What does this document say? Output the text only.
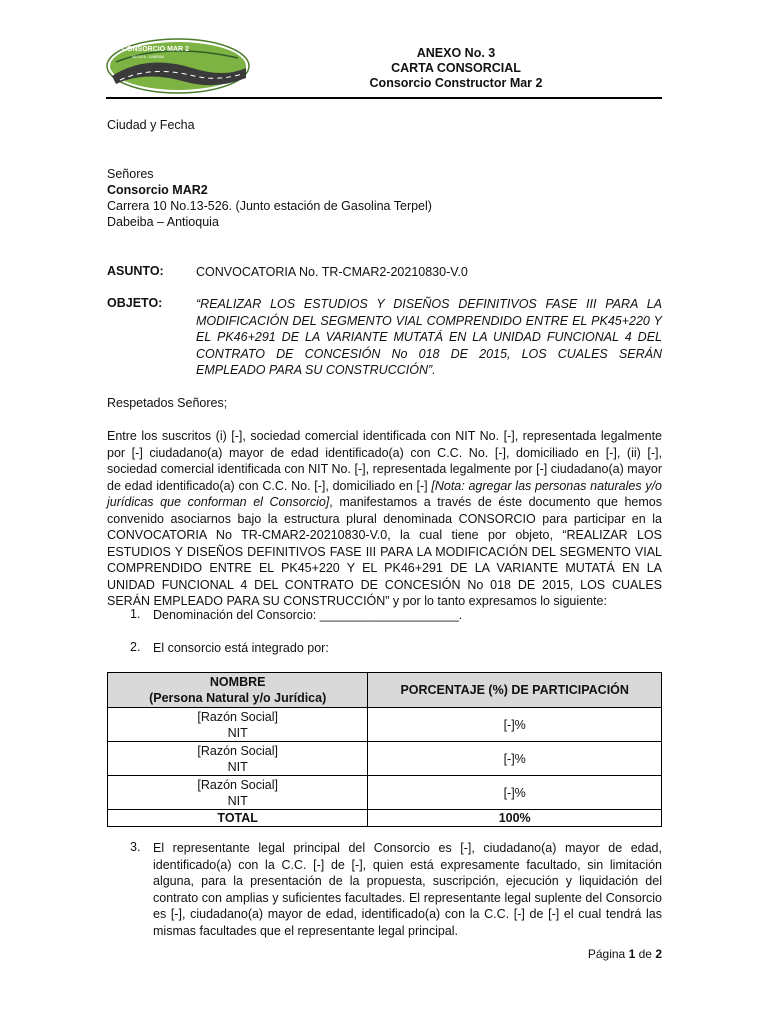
CONSORCIO MAR 2
MUTATÁ - DABEIBA	ANEXO No. 3
CARTA CONSORCIAL
Consorcio Constructor Mar 2
Ciudad y Fecha
Señores
Consorcio MAR2
Carrera 10 No.13-526. (Junto estación de Gasolina Terpel)
Dabeiba – Antioquia
ASUNTO:	CONVOCATORIA No. TR-CMAR2-20210830-V.0
OBJETO:	“REALIZAR LOS ESTUDIOS Y DISEÑOS DEFINITIVOS FASE III PARA LA MODIFICACIÓN DEL SEGMENTO VIAL COMPRENDIDO ENTRE EL PK45+220 Y EL PK46+291 DE LA VARIANTE MUTATÁ EN LA UNIDAD FUNCIONAL 4 DEL CONTRATO DE CONCESIÓN No 018 DE 2015, LOS CUALES SERÁN EMPLEADO PARA SU CONSTRUCCIÓN”.
Respetados Señores;
Entre los suscritos (i) [-], sociedad comercial identificada con NIT No. [-], representada legalmente por [-] ciudadano(a) mayor de edad identificado(a) con C.C. No. [-], domiciliado en [-], (ii) [-], sociedad comercial identificada con NIT No. [-], representada legalmente por [-] ciudadano(a) mayor de edad identificado(a) con C.C. No. [-], domiciliado en [-] [Nota: agregar las personas naturales y/o jurídicas que conforman el Consorcio], manifestamos a través de éste documento que hemos convenido asociarnos bajo la estructura plural denominada CONSORCIO para participar en la CONVOCATORIA No TR-CMAR2-20210830-V.0, la cual tiene por objeto, “REALIZAR LOS ESTUDIOS Y DISEÑOS DEFINITIVOS FASE III PARA LA MODIFICACIÓN DEL SEGMENTO VIAL COMPRENDIDO ENTRE EL PK45+220 Y EL PK46+291 DE LA VARIANTE MUTATÁ EN LA UNIDAD FUNCIONAL 4 DEL CONTRATO DE CONCESIÓN No 018 DE 2015, LOS CUALES SERÁN EMPLEADO PARA SU CONSTRUCCIÓN” y por lo tanto expresamos lo siguiente:
1. Denominación del Consorcio: ____________________.
2. El consorcio está integrado por:
NOMBRE
(Persona Natural y/o Jurídica)	PORCENTAJE (%) DE PARTICIPACIÓN

[Razón Social]
NIT	[-]%

[Razón Social]
NIT	[-]%

[Razón Social]
NIT	[-]%
TOTAL	100%
3. El representante legal principal del Consorcio es [-], ciudadano(a) mayor de edad, identificado(a) con la C.C. [-] de [-], quien está expresamente facultado, sin limitación alguna, para la presentación de la propuesta, suscripción, ejecución y liquidación del contrato con amplias y suficientes facultades. El representante legal suplente del Consorcio es [-], ciudadano(a) mayor de edad, identificado(a) con la C.C. [-] de [-] el cual tendrá las mismas facultades que el representante legal principal.
Página 1 de 2
